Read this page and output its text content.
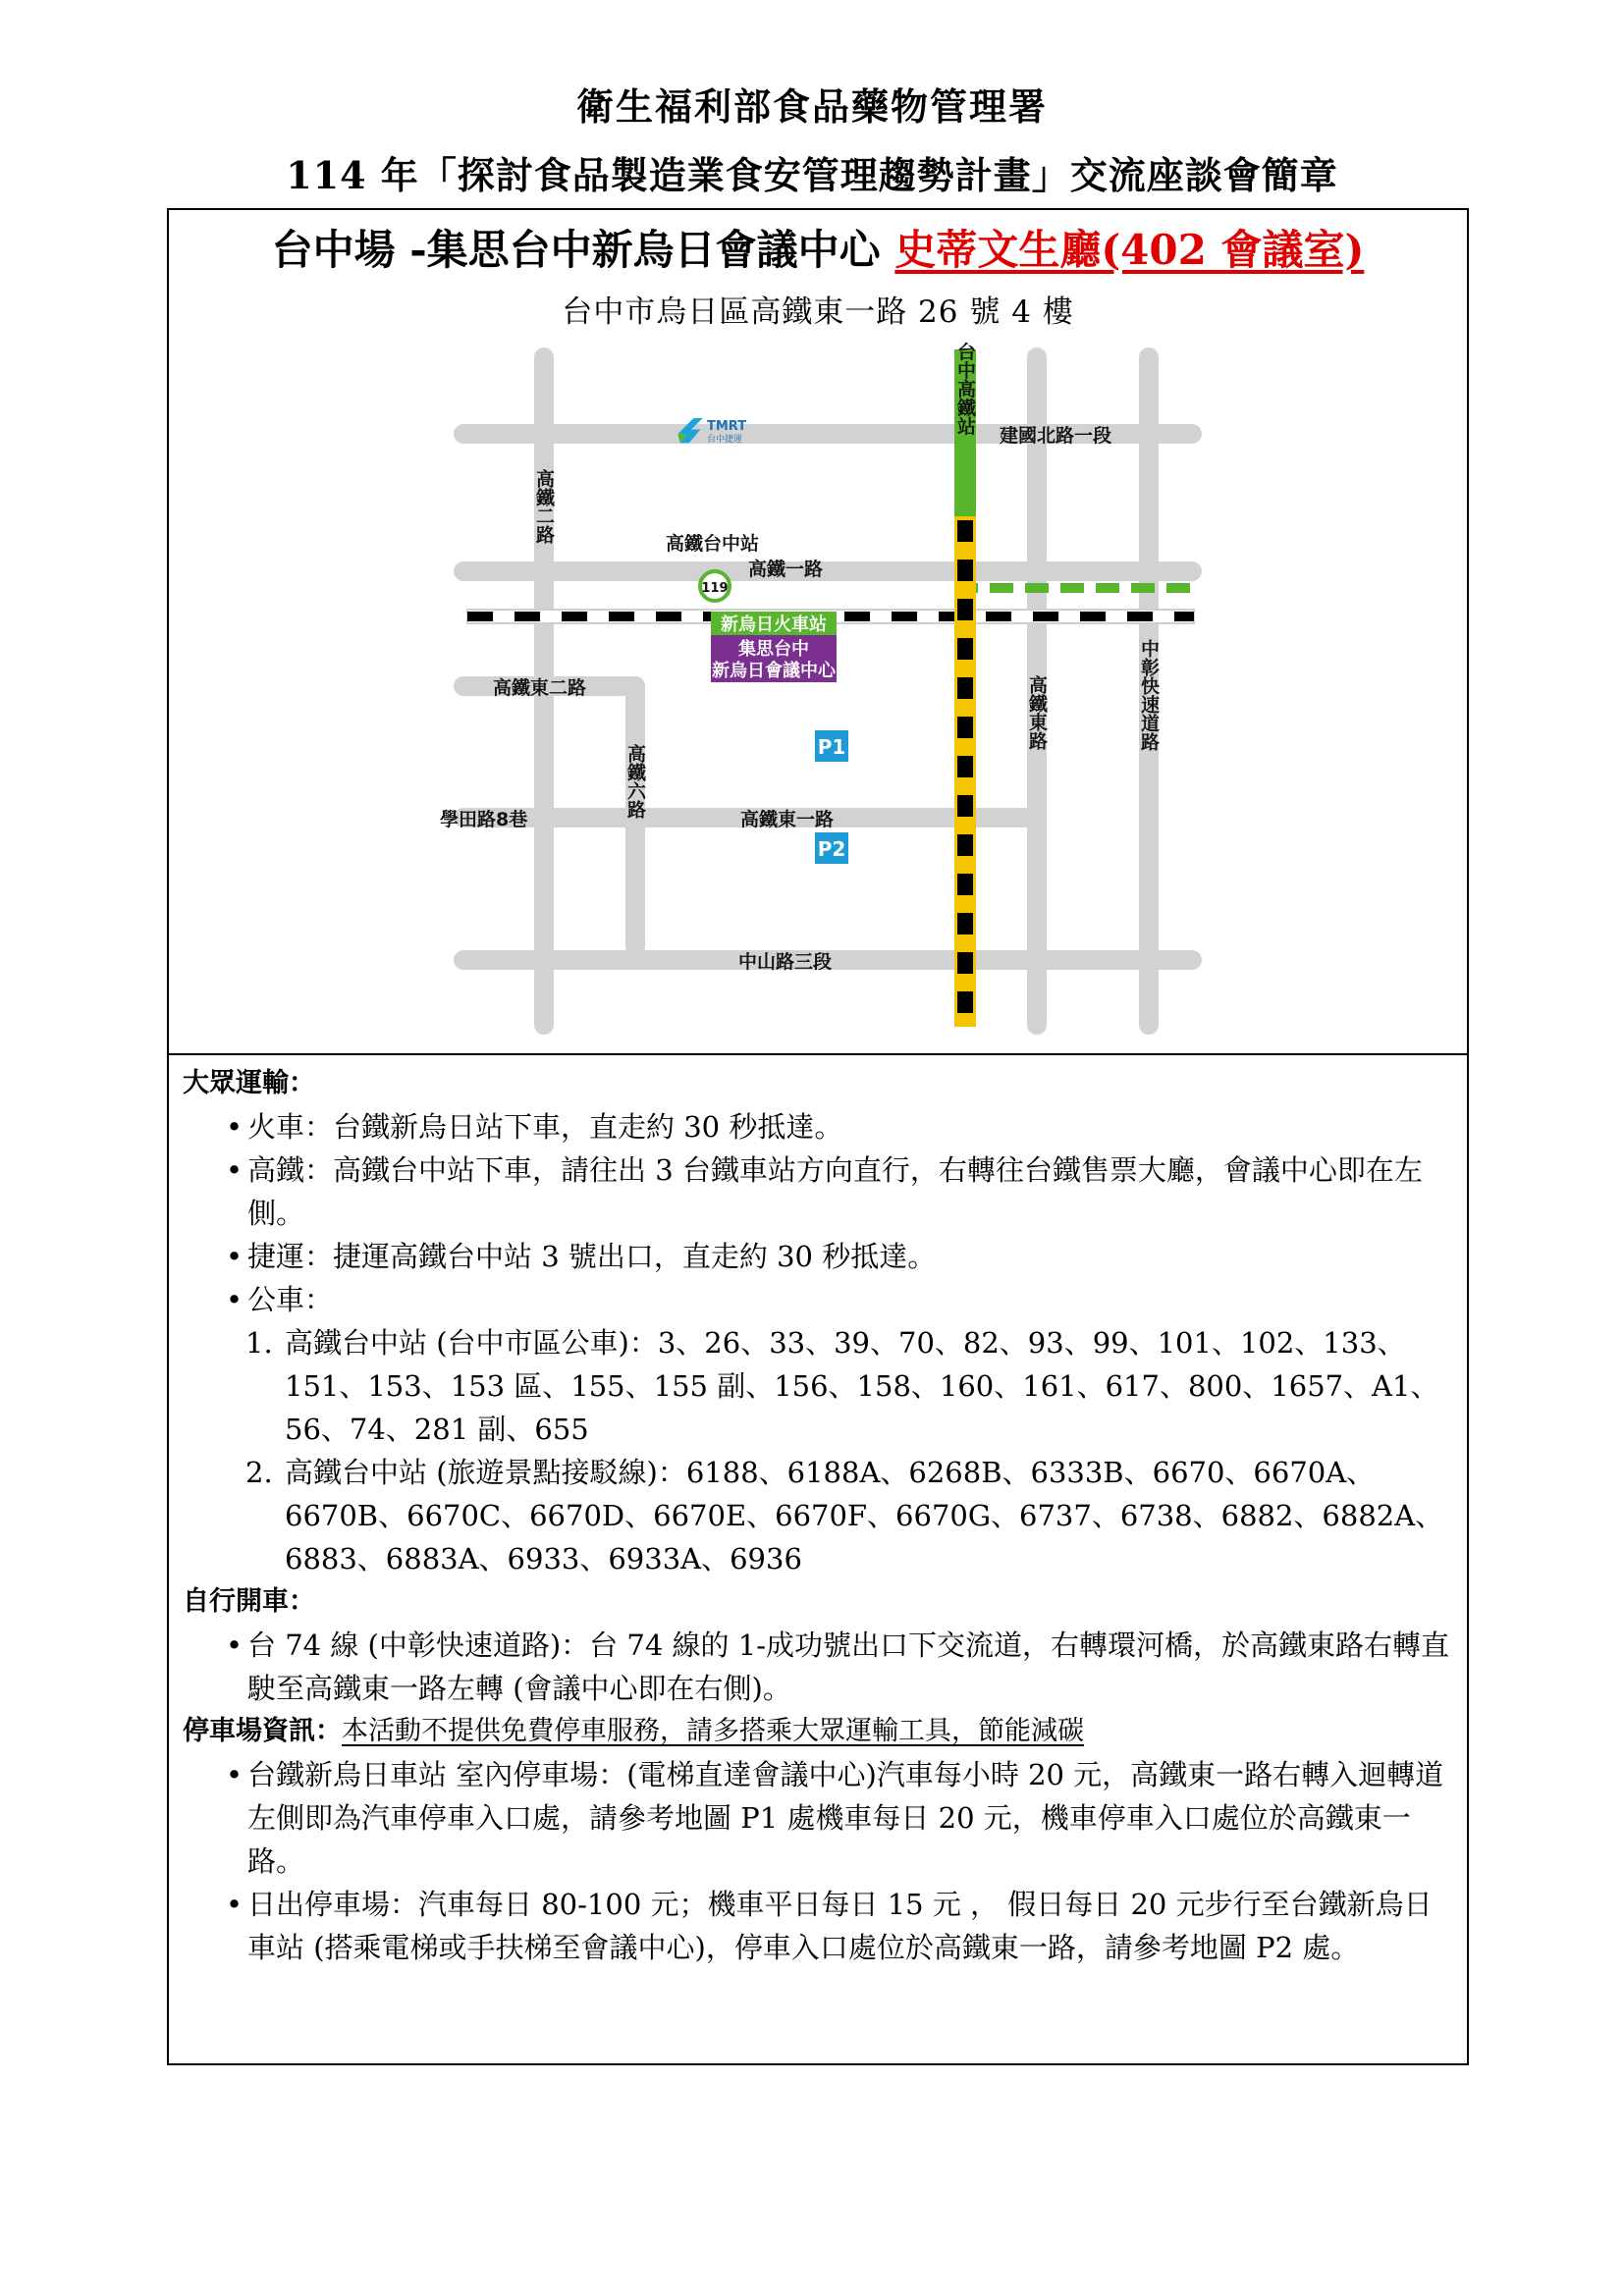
衛生福利部食品藥物管理署
114 年「探討食品製造業食安管理趨勢計畫」交流座談會簡章
台中場 -集思台中新烏日會議中心 史蒂文生廳(402 會議室)
台中市烏日區高鐵東一路 26 號 4 樓
TMRT
台中捷運
119
新烏日火車站
集思台中
新烏日會議中心
P1
P2
建國北路一段
高鐵台中站
高鐵一路
高鐵東二路
學田路8巷	高鐵東一路
中山路三段
台中高鐵站
高鐵二路
高鐵東路	中彰快速道路
高鐵六路
大眾運輸：
• 火車：台鐵新烏日站下車，直走約 30 秒抵達。
• 高鐵：高鐵台中站下車，請往出 3 台鐵車站方向直行，右轉往台鐵售票大廳，會議中心即在左側。
• 捷運：捷運高鐵台中站 3 號出口，直走約 30 秒抵達。
• 公車：
1. 高鐵台中站 (台中市區公車)：3、26、33、39、70、82、93、99、101、102、133、151、153、153 區、155、155 副、156、158、160、161、617、800、1657、A1、56、74、281 副、655
2. 高鐵台中站 (旅遊景點接駁線)：6188、6188A、6268B、6333B、6670、6670A、6670B、6670C、6670D、6670E、6670F、6670G、6737、6738、6882、6882A、6883、6883A、6933、6933A、6936
自行開車：
• 台 74 線 (中彰快速道路)：台 74 線的 1-成功號出口下交流道，右轉環河橋，於高鐵東路右轉直駛至高鐵東一路左轉 (會議中心即在右側)。
停車場資訊：本活動不提供免費停車服務，請多搭乘大眾運輸工具，節能減碳
• 台鐵新烏日車站 室內停車場：(電梯直達會議中心)汽車每小時 20 元，高鐵東一路右轉入迴轉道左側即為汽車停車入口處，請參考地圖 P1 處機車每日 20 元，機車停車入口處位於高鐵東一路。
• 日出停車場：汽車每日 80-100 元；機車平日每日 15 元 ， 假日每日 20 元步行至台鐵新烏日車站 (搭乘電梯或手扶梯至會議中心)，停車入口處位於高鐵東一路，請參考地圖 P2 處。
